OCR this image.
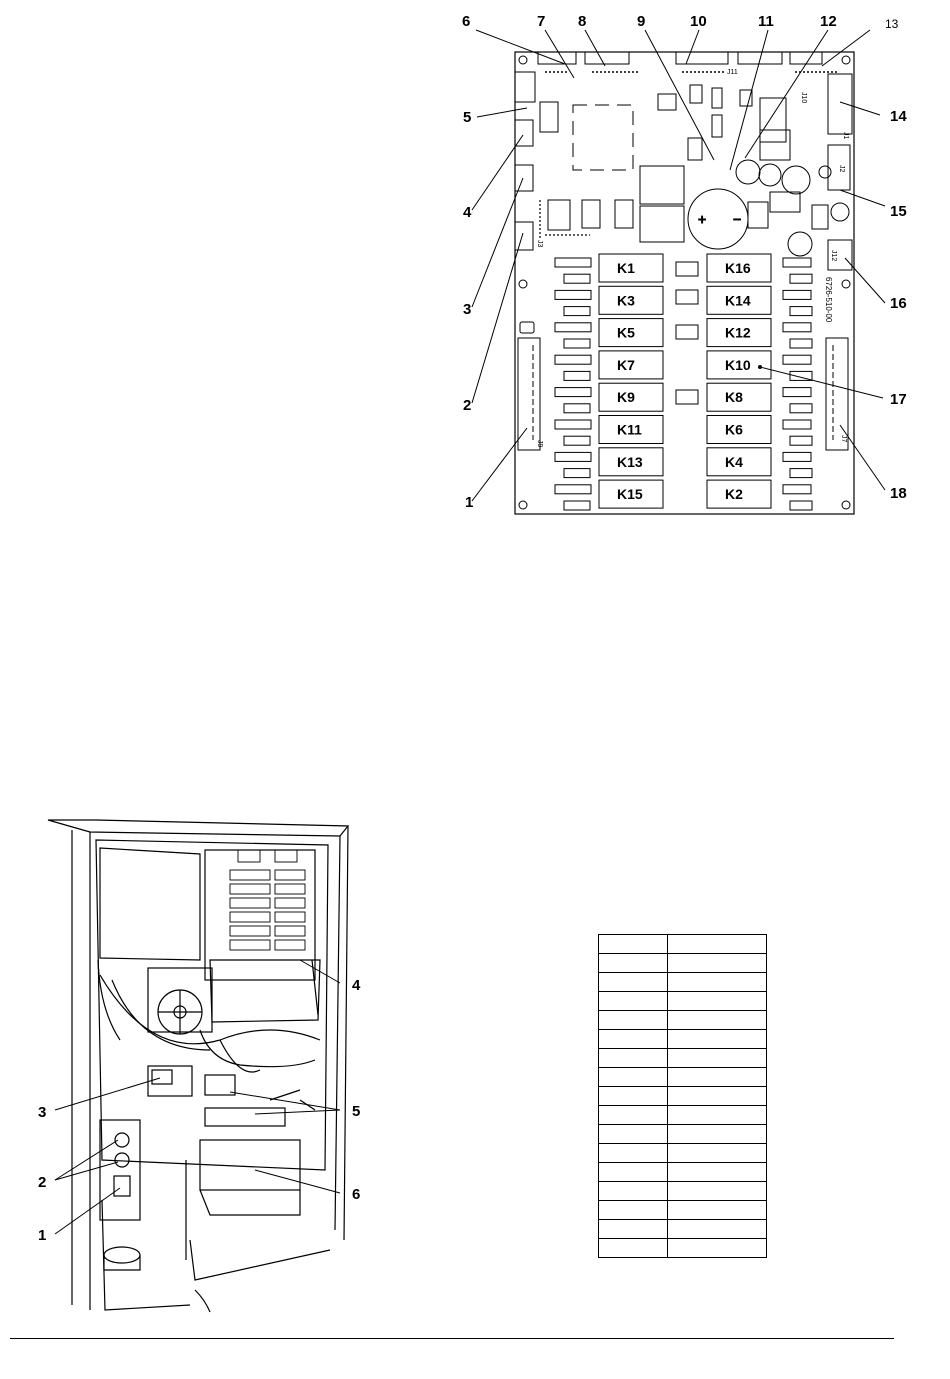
+ −
J9
J3
J10
J1
J2
J11
J12
J7
6726-510-00
K1
K3
K5
K7
K9
K11
K13
K15
K16
K14
K12
K10
K8
K6
K4
K2
1
2
3
4
5
6	7 8	9	10	11	12	13
14
15
16
17
18
1
2
3
4
5
6
